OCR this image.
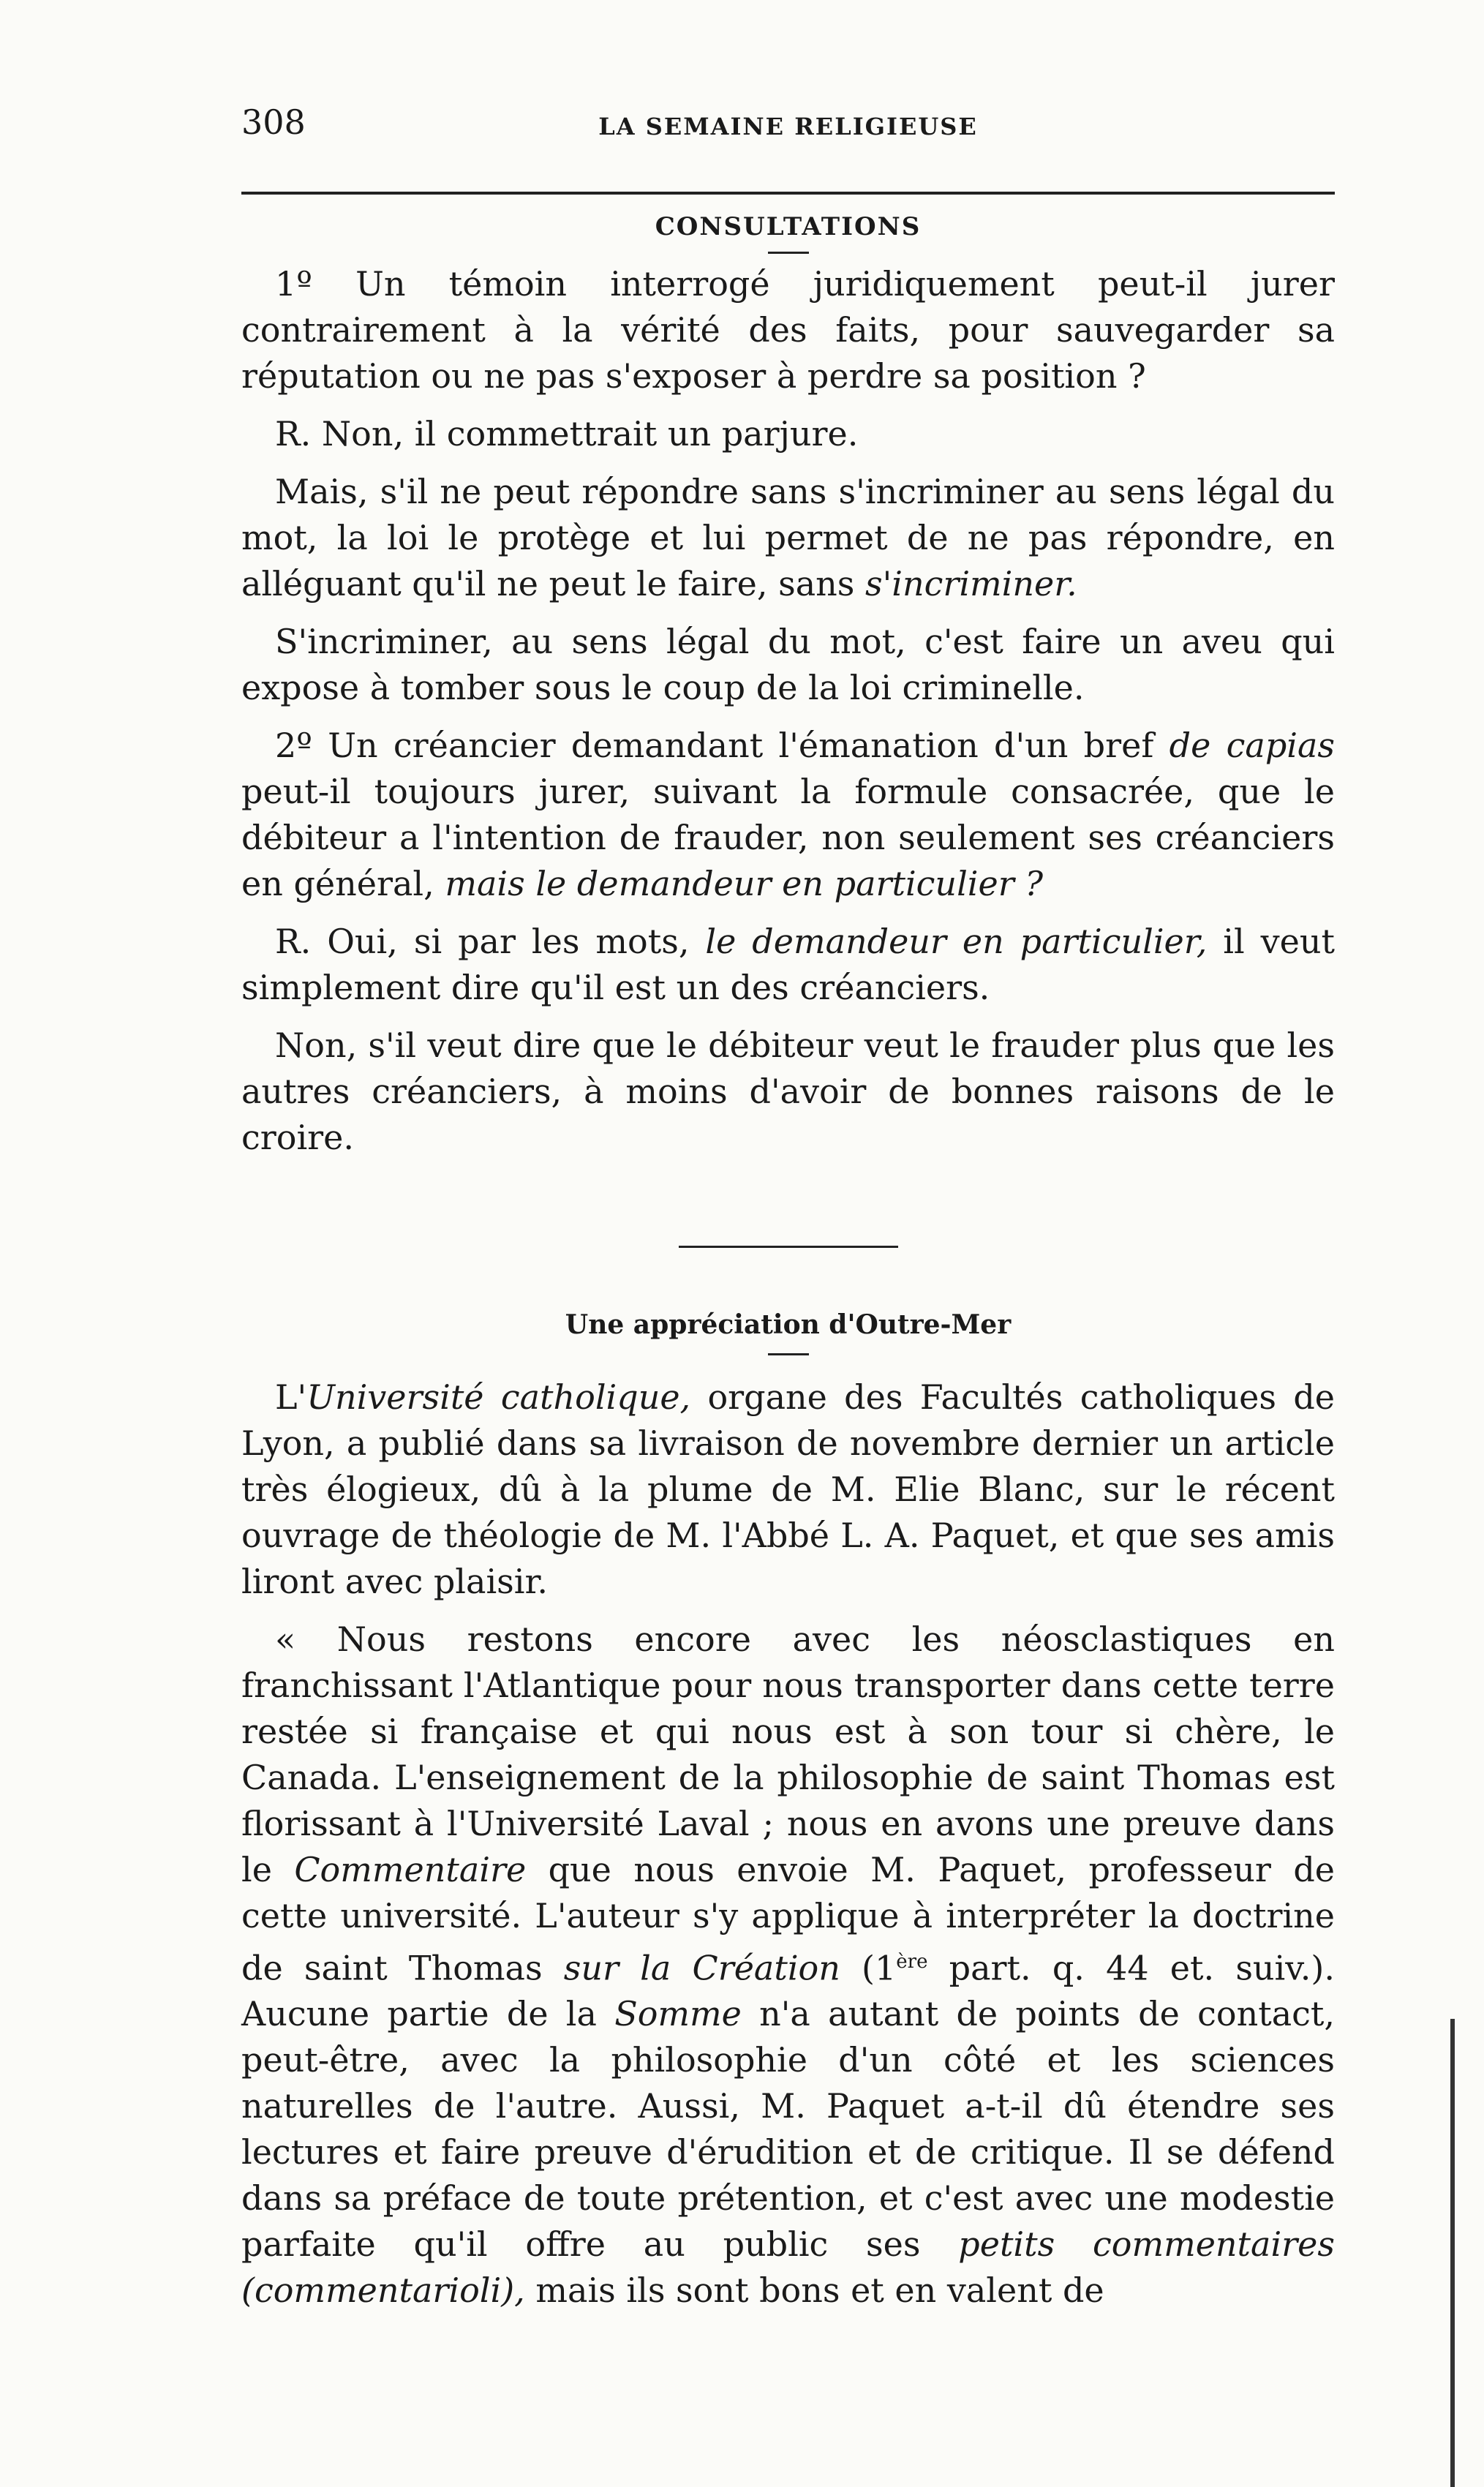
308	LA SEMAINE RELIGIEUSE
CONSULTATIONS

1º Un témoin interrogé juridiquement peut-il jurer contrairement à la vérité des faits, pour sauvegarder sa réputation ou ne pas s'exposer à perdre sa position ?

R. Non, il commettrait un parjure.

Mais, s'il ne peut répondre sans s'incriminer au sens légal du mot, la loi le protège et lui permet de ne pas répondre, en alléguant qu'il ne peut le faire, sans s'incriminer.

S'incriminer, au sens légal du mot, c'est faire un aveu qui expose à tomber sous le coup de la loi criminelle.

2º Un créancier demandant l'émanation d'un bref de capias peut-il toujours jurer, suivant la formule consacrée, que le débiteur a l'intention de frauder, non seulement ses créanciers en général, mais le demandeur en particulier ?

R. Oui, si par les mots, le demandeur en particulier, il veut simplement dire qu'il est un des créanciers.

Non, s'il veut dire que le débiteur veut le frauder plus que les autres créanciers, à moins d'avoir de bonnes raisons de le croire.

Une appréciation d'Outre-Mer

L'Université catholique, organe des Facultés catholiques de Lyon, a publié dans sa livraison de novembre dernier un article très élogieux, dû à la plume de M. Elie Blanc, sur le récent ouvrage de théologie de M. l'Abbé L. A. Paquet, et que ses amis liront avec plaisir.

« Nous restons encore avec les néosclastiques en franchissant l'Atlantique pour nous transporter dans cette terre restée si française et qui nous est à son tour si chère, le Canada. L'enseignement de la philosophie de saint Thomas est florissant à l'Université Laval ; nous en avons une preuve dans le Commentaire que nous envoie M. Paquet, professeur de cette université. L'auteur s'y applique à interpréter la doctrine de saint Thomas sur la Création (1ère part. q. 44 et. suiv.). Aucune partie de la Somme n'a autant de points de contact, peut-être, avec la philosophie d'un côté et les sciences naturelles de l'autre. Aussi, M. Paquet a-t-il dû étendre ses lectures et faire preuve d'érudition et de critique. Il se défend dans sa préface de toute prétention, et c'est avec une modestie parfaite qu'il offre au public ses petits commentaires (commentarioli), mais ils sont bons et en valent de
